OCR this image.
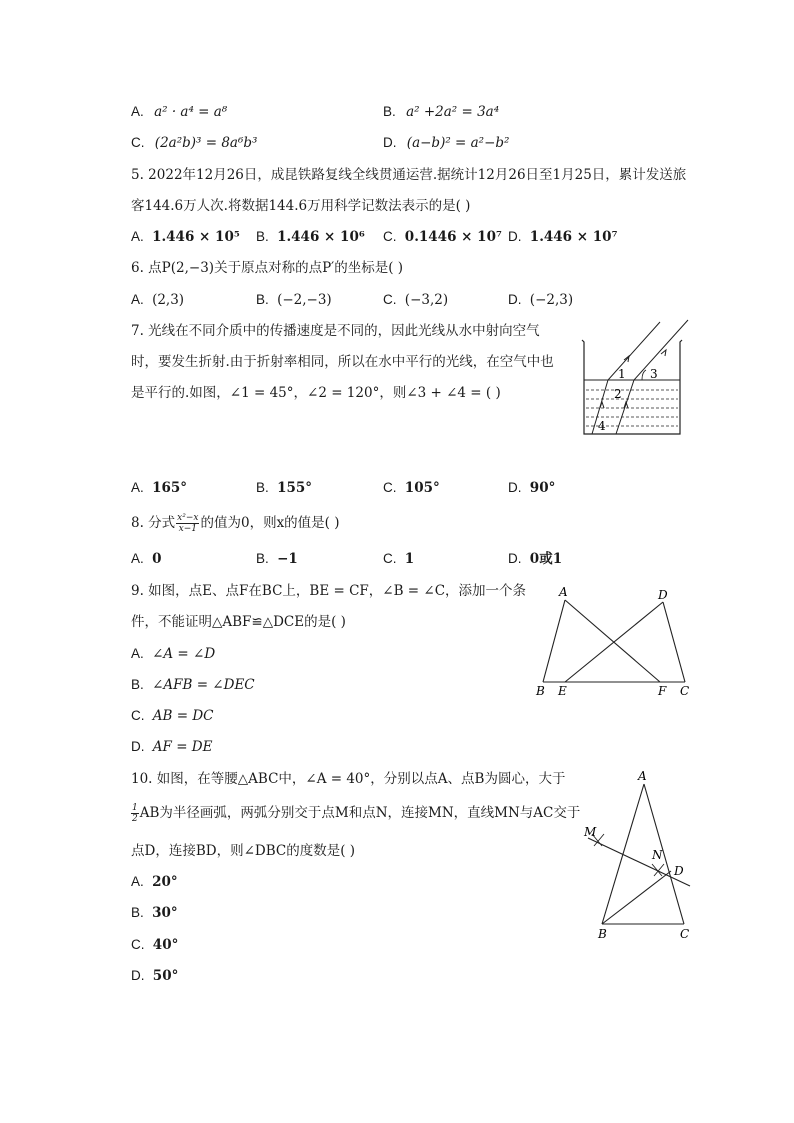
A. a² · a⁴ = a⁸	B. a² +2a² = 3a⁴
C. (2a²b)³ = 8a⁶b³	D. (a−b)² = a²−b²
5. 2022年12月26日，成昆铁路复线全线贯通运营.据统计12月26日至1月25日，累计发送旅
客144.6万人次.将数据144.6万用科学记数法表示的是( )
A. 1.446 × 10⁵ B. 1.446 × 10⁶ C. 0.1446 × 10⁷ D. 1.446 × 10⁷
6. 点P(2,−3)关于原点对称的点P′的坐标是( )
A. (2,3)	B. (−2,−3)	C. (−3,2)	D. (−2,3)
7. 光线在不同介质中的传播速度是不同的，因此光线从水中射向空气
时，要发生折射.由于折射率相同，所以在水中平行的光线，在空气中也
是平行的.如图，∠1 = 45°，∠2 = 120°，则∠3 + ∠4 = ( )
1
2
3
4
A. 165°	B. 155°	C. 105°	D. 90°
8. 分式 $\frac{\text{x²−x}}{x-1}$ 的值为0，则x的值是( )
A. 0	B. −1	C. 1	D. 0或1
9. 如图，点E、点F在BC上，BE = CF，∠B = ∠C，添加一个条
件，不能证明△ABF≌△DCE的是( )
A. ∠A = ∠D
B. ∠AFB = ∠DEC
C. AB = DC
D. AF = DE
A	D
B E	F C
10. 如图，在等腰△ABC中，∠A = 40°，分别以点A、点B为圆心，大于
$\frac{1}{2}$ AB为半径画弧，两弧分别交于点M和点N，连接MN，直线MN与AC交于
点D，连接BD，则∠DBC的度数是( )
A. 20°
B. 30°
C. 40°
D. 50°
A
M
N
D
B	C
